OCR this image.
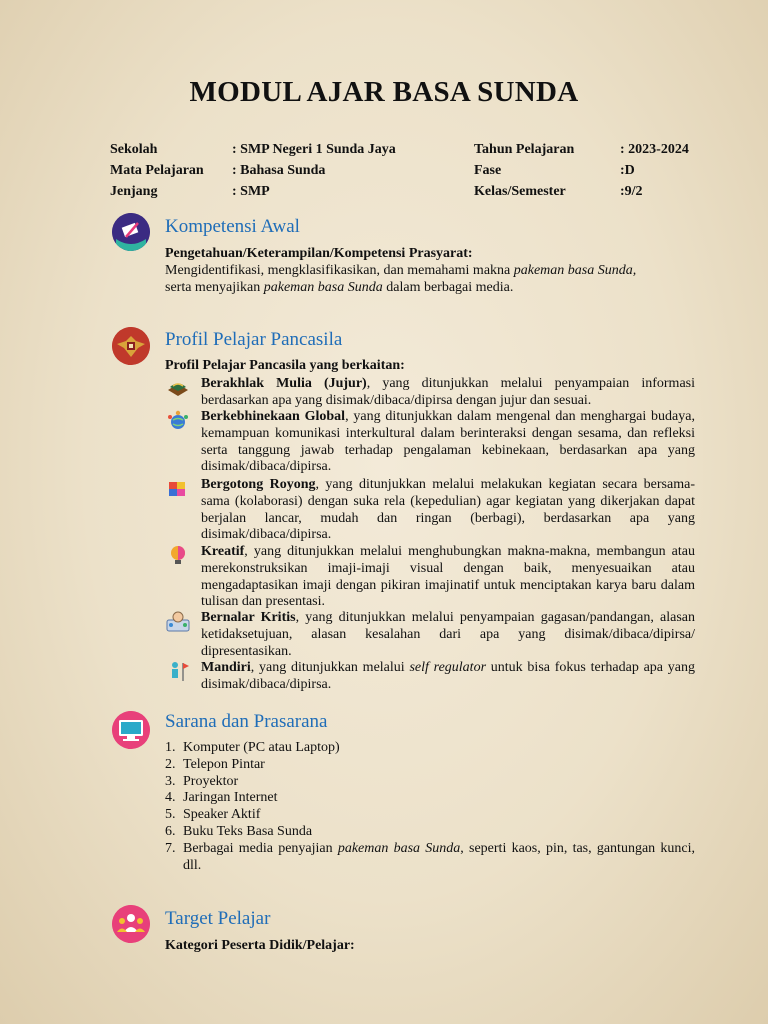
MODUL AJAR BASA SUNDA
Sekolah
Mata Pelajaran
Jenjang
: SMP Negeri 1 Sunda Jaya
: Bahasa Sunda
: SMP
Tahun Pelajaran
Fase
Kelas/Semester
: 2023-2024
:D
:9/2
Kompetensi Awal
Pengetahuan/Keterampilan/Kompetensi Prasyarat:
Mengidentifikasi, mengklasifikasikan, dan memahami makna pakeman basa Sunda,
serta menyajikan pakeman basa Sunda dalam berbagai media.
Profil Pelajar Pancasila
Profil Pelajar Pancasila yang berkaitan:
Berakhlak Mulia (Jujur), yang ditunjukkan melalui penyampaian informasi berdasarkan apa yang disimak/dibaca/dipirsa dengan jujur dan sesuai.
Berkebhinekaan Global, yang ditunjukkan dalam mengenal dan menghargai budaya, kemampuan komunikasi interkultural dalam berinteraksi dengan sesama, dan refleksi serta tanggung jawab terhadap pengalaman kebinekaan, berdasarkan apa yang disimak/dibaca/dipirsa.
Bergotong Royong, yang ditunjukkan melalui melakukan kegiatan secara bersama-sama (kolaborasi) dengan suka rela (kepedulian) agar kegiatan yang dikerjakan dapat berjalan lancar, mudah dan ringan (berbagi), berdasarkan apa yang disimak/dibaca/dipirsa.
Kreatif, yang ditunjukkan melalui menghubungkan makna-makna, membangun atau merekonstruksikan imaji-imaji visual dengan baik, menyesuaikan atau mengadaptasikan imaji dengan pikiran imajinatif untuk menciptakan karya baru dalam tulisan dan presentasi.
Bernalar Kritis, yang ditunjukkan melalui penyampaian gagasan/pandangan, alasan ketidaksetujuan, alasan kesalahan dari apa yang disimak/dibaca/dipirsa/ dipresentasikan.
Mandiri, yang ditunjukkan melalui self regulator untuk bisa fokus terhadap apa yang disimak/dibaca/dipirsa.
Sarana dan Prasarana
1. Komputer (PC atau Laptop)
2. Telepon Pintar
3. Proyektor
4. Jaringan Internet
5. Speaker Aktif
6. Buku Teks Basa Sunda
7. Berbagai media penyajian pakeman basa Sunda, seperti kaos, pin, tas, gantungan kunci, dll.
Target Pelajar
Kategori Peserta Didik/Pelajar:
